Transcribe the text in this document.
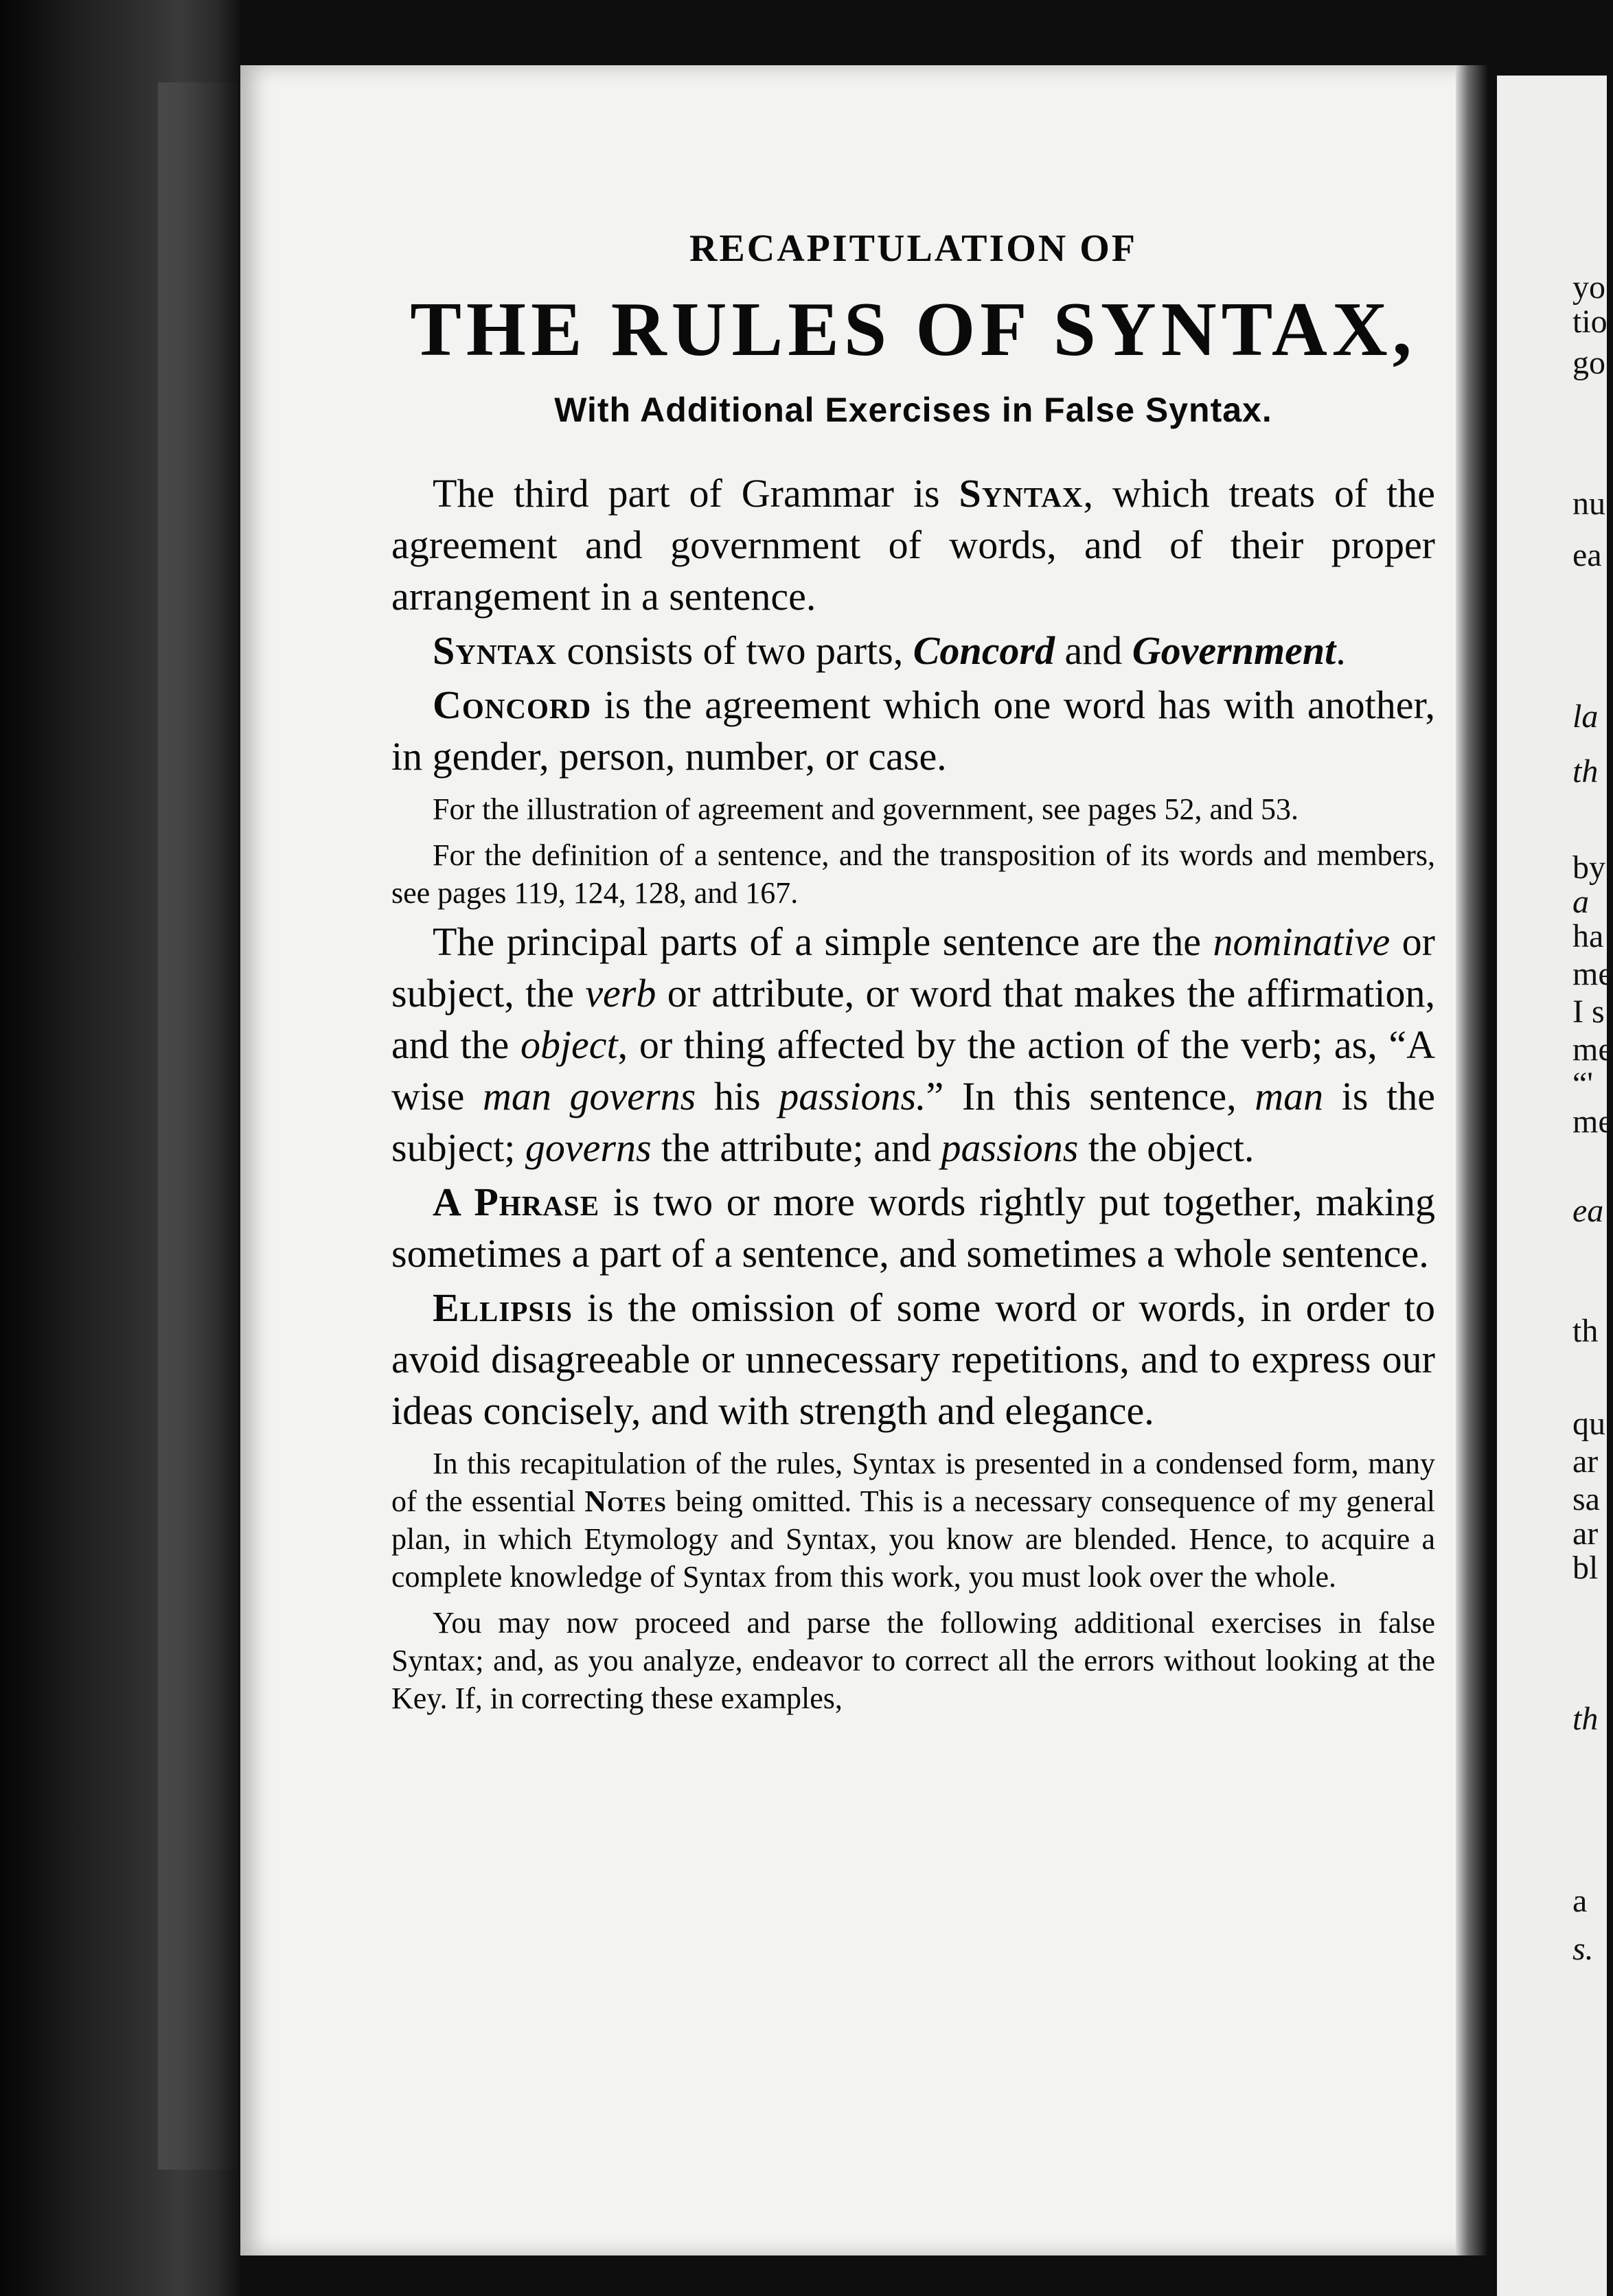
yo
tio
go
nu
ea
la
th
by
a
ha
me
I s
me
“'
me
ea
th
qu
ar
sa
ar
bl
th
a
s.
RECAPITULATION OF
THE RULES OF SYNTAX,
With Additional Exercises in False Syntax.

The third part of Grammar is Syntax, which treats of the agreement and government of words, and of their proper arrangement in a sentence.

Syntax consists of two parts, Concord and Government.

Concord is the agreement which one word has with another, in gender, person, number, or case.

For the illustration of agreement and government, see pages 52, and 53.

For the definition of a sentence, and the transposition of its words and members, see pages 119, 124, 128, and 167.

The principal parts of a simple sentence are the nominative or subject, the verb or attribute, or word that makes the affirmation, and the object, or thing affected by the action of the verb; as, “A wise man governs his passions.” In this sentence, man is the subject; governs the attribute; and passions the object.

A Phrase is two or more words rightly put together, making sometimes a part of a sentence, and sometimes a whole sentence.

Ellipsis is the omission of some word or words, in order to avoid disagreeable or unnecessary repetitions, and to express our ideas concisely, and with strength and elegance.

In this recapitulation of the rules, Syntax is presented in a condensed form, many of the essential Notes being omitted. This is a necessary consequence of my general plan, in which Etymology and Syntax, you know are blended. Hence, to acquire a complete knowledge of Syntax from this work, you must look over the whole.

You may now proceed and parse the following additional exercises in false Syntax; and, as you analyze, endeavor to correct all the errors without looking at the Key. If, in correcting these examples,
